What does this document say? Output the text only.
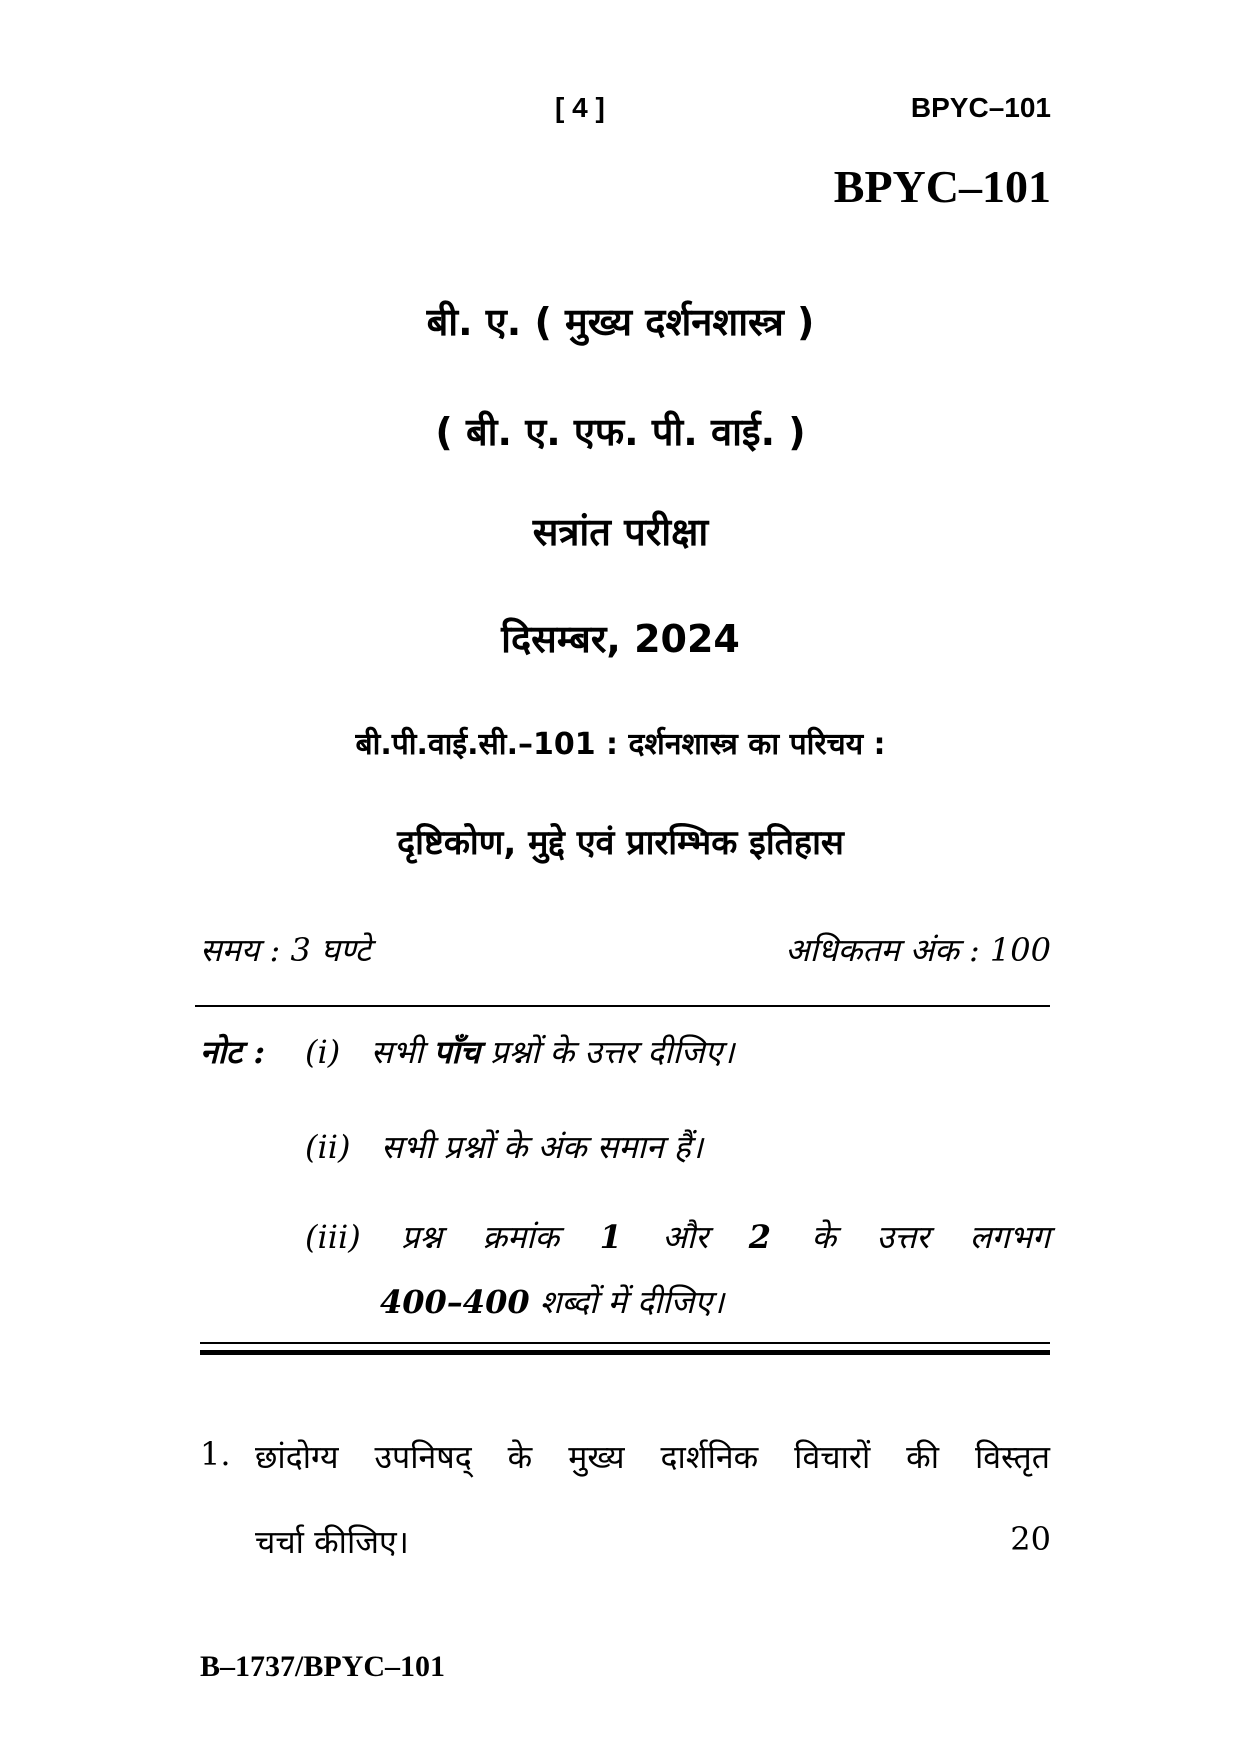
[ 4 ]	BPYC–101
BPYC–101
बी. ए. ( मुख्य दर्शनशास्त्र )
( बी. ए. एफ. पी. वाई. )
सत्रांत परीक्षा
दिसम्बर, 2024
बी.पी.वाई.सी.–101 : दर्शनशास्त्र का परिचय :
दृष्टिकोण, मुद्दे एवं प्रारम्भिक इतिहास
समय : 3 घण्टे	अधिकतम अंक : 100
नोट : (i) सभी पाँच प्रश्नों के उत्तर दीजिए।
(ii) सभी प्रश्नों के अंक समान हैं।
(iii) प्रश्न क्रमांक 1 और 2 के उत्तर लगभग
400–400 शब्दों में दीजिए।
1. छांदोग्य उपनिषद् के मुख्य दार्शनिक विचारों की विस्तृत
चर्चा कीजिए।	20
B–1737/BPYC–101
